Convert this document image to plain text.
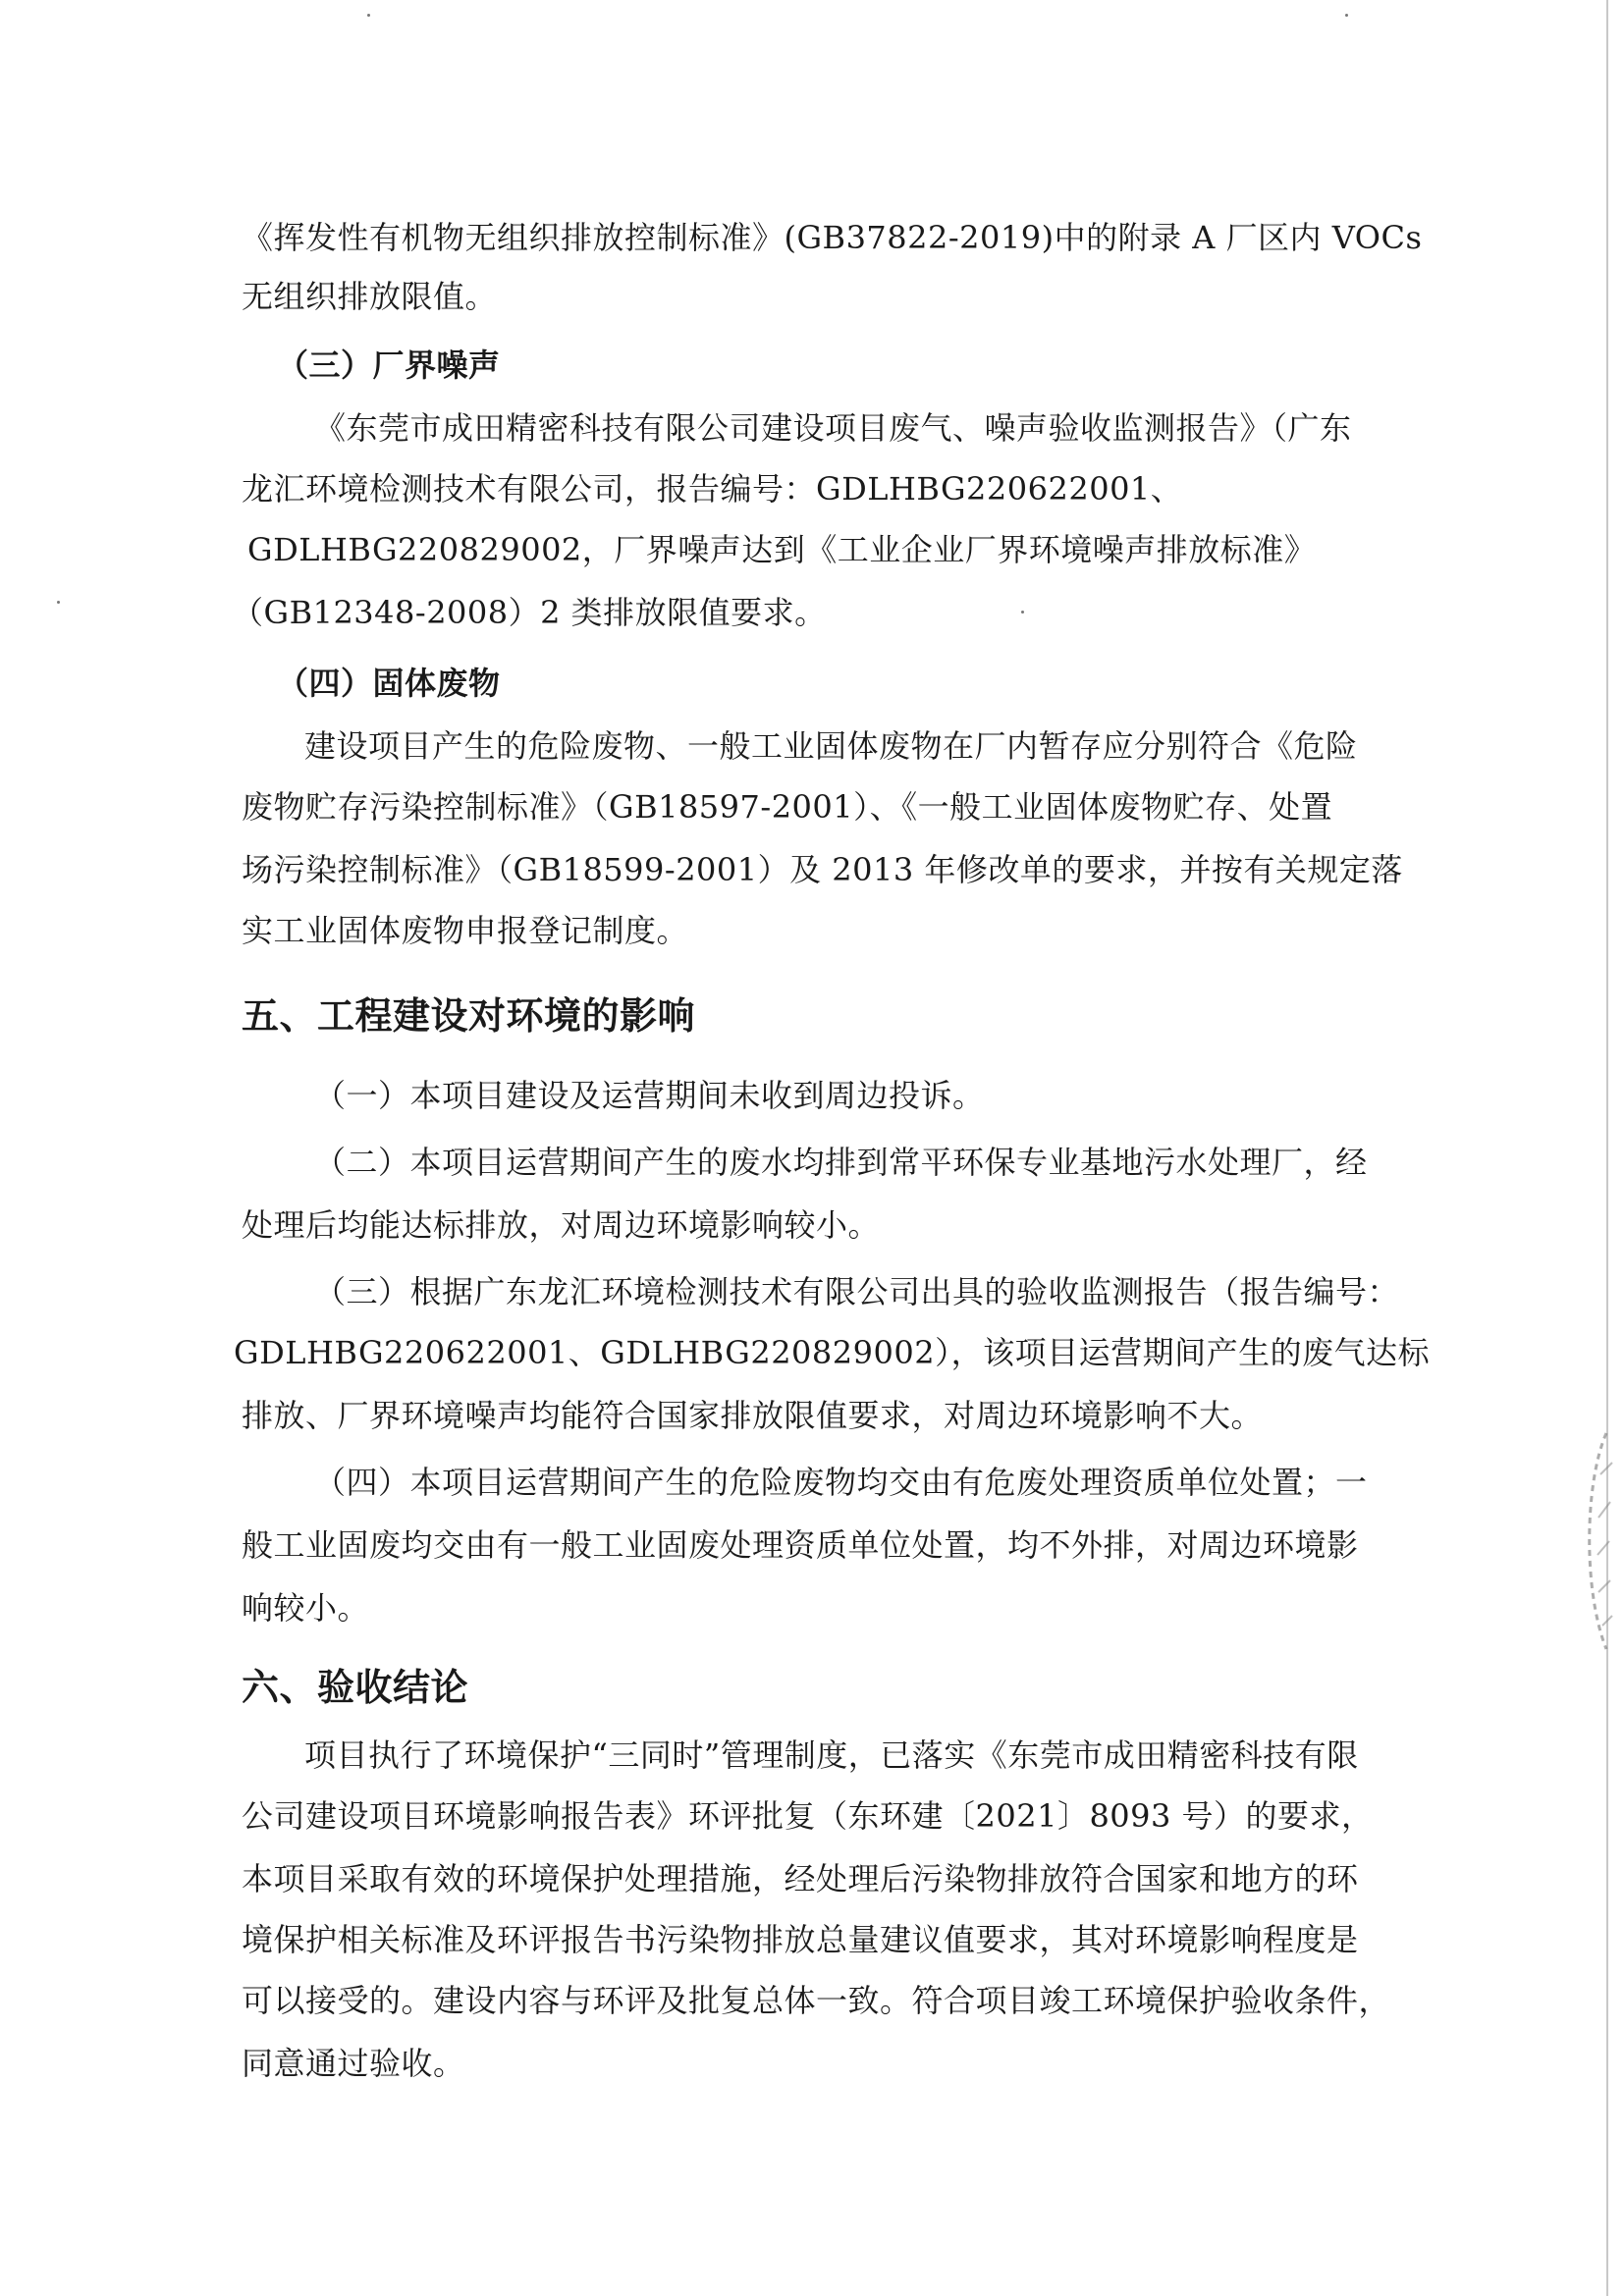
《挥发性有机物无组织排放控制标准》(GB37822-2019)中的附录 A 厂区内 VOCs
无组织排放限值。
（三）厂界噪声
《东莞市成田精密科技有限公司建设项目废气、噪声验收监测报告》（广东
龙汇环境检测技术有限公司，报告编号：GDLHBG220622001、
GDLHBG220829002，厂界噪声达到《工业企业厂界环境噪声排放标准》
（GB12348-2008）2 类排放限值要求。
（四）固体废物
建设项目产生的危险废物、一般工业固体废物在厂内暂存应分别符合《危险
废物贮存污染控制标准》（GB18597-2001）、《一般工业固体废物贮存、处置
场污染控制标准》（GB18599-2001）及 2013 年修改单的要求，并按有关规定落
实工业固体废物申报登记制度。
五、工程建设对环境的影响
（一）本项目建设及运营期间未收到周边投诉。
（二）本项目运营期间产生的废水均排到常平环保专业基地污水处理厂，经
处理后均能达标排放，对周边环境影响较小。
（三）根据广东龙汇环境检测技术有限公司出具的验收监测报告（报告编号：
GDLHBG220622001、GDLHBG220829002），该项目运营期间产生的废气达标
排放、厂界环境噪声均能符合国家排放限值要求，对周边环境影响不大。
（四）本项目运营期间产生的危险废物均交由有危废处理资质单位处置；一
般工业固废均交由有一般工业固废处理资质单位处置，均不外排，对周边环境影
响较小。
六、验收结论
项目执行了环境保护“三同时”管理制度，已落实《东莞市成田精密科技有限
公司建设项目环境影响报告表》环评批复（东环建〔2021〕8093 号）的要求，
本项目采取有效的环境保护处理措施，经处理后污染物排放符合国家和地方的环
境保护相关标准及环评报告书污染物排放总量建议值要求，其对环境影响程度是
可以接受的。建设内容与环评及批复总体一致。符合项目竣工环境保护验收条件，
同意通过验收。
